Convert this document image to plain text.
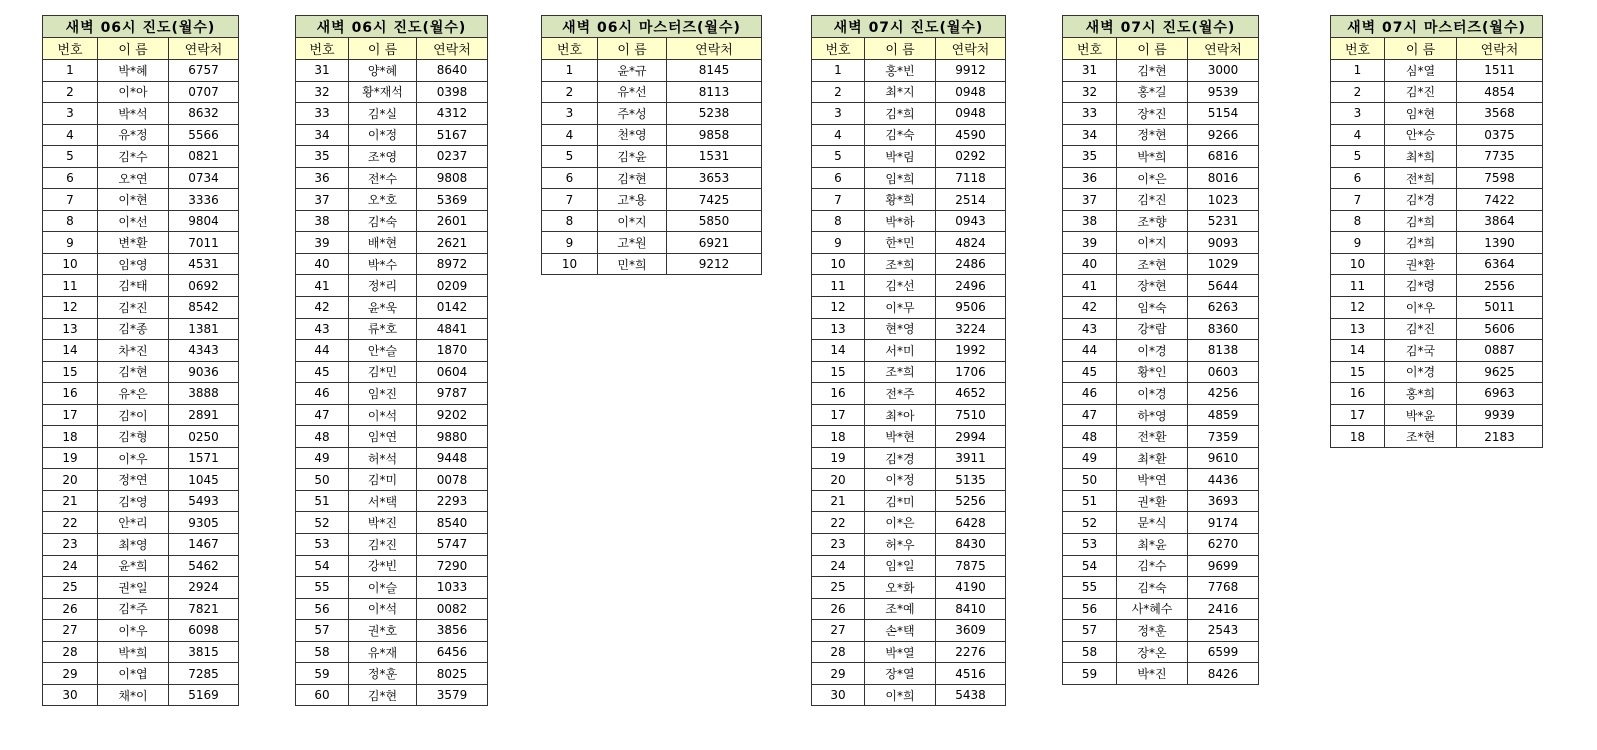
새벽 06시 진도(월수)		
번호	이 름	연락처
1	박*혜	6757
2	이*아	0707
3	박*석	8632
4	유*정	5566
5	김*수	0821
6	오*연	0734
7	이*현	3336
8	이*선	9804
9	변*환	7011
10	임*영	4531
11	김*태	0692
12	김*진	8542
13	김*종	1381
14	차*진	4343
15	김*현	9036
16	유*은	3888
17	김*이	2891
18	김*형	0250
19	이*우	1571
20	정*연	1045
21	김*영	5493
22	안*리	9305
23	최*영	1467
24	윤*희	5462
25	권*일	2924
26	김*주	7821
27	이*우	6098
28	박*희	3815
29	이*엽	7285
30	채*이	5169
새벽 06시 진도(월수)		
번호	이 름	연락처
31	양*혜	8640
32	황*재석	0398
33	김*실	4312
34	이*정	5167
35	조*영	0237
36	전*수	9808
37	오*호	5369
38	김*숙	2601
39	배*현	2621
40	박*수	8972
41	정*리	0209
42	윤*욱	0142
43	류*호	4841
44	안*슬	1870
45	김*민	0604
46	임*진	9787
47	이*석	9202
48	임*연	9880
49	허*석	9448
50	김*미	0078
51	서*택	2293
52	박*진	8540
53	김*진	5747
54	강*빈	7290
55	이*슬	1033
56	이*석	0082
57	권*호	3856
58	유*재	6456
59	정*훈	8025
60	김*현	3579
새벽 06시 마스터즈(월수)		
번호	이 름	연락처
1	윤*규	8145
2	유*선	8113
3	주*성	5238
4	천*영	9858
5	김*윤	1531
6	김*현	3653
7	고*용	7425
8	이*지	5850
9	고*원	6921
10	민*희	9212
새벽 07시 진도(월수)		
번호	이 름	연락처
1	홍*빈	9912
2	최*지	0948
3	김*희	0948
4	김*숙	4590
5	박*림	0292
6	임*희	7118
7	황*희	2514
8	박*하	0943
9	한*민	4824
10	조*희	2486
11	김*선	2496
12	이*무	9506
13	현*영	3224
14	서*미	1992
15	조*희	1706
16	전*주	4652
17	최*아	7510
18	박*현	2994
19	김*경	3911
20	이*정	5135
21	김*미	5256
22	이*은	6428
23	허*우	8430
24	임*일	7875
25	오*화	4190
26	조*예	8410
27	손*택	3609
28	박*열	2276
29	장*열	4516
30	이*희	5438
새벽 07시 진도(월수)		
번호	이 름	연락처
31	김*현	3000
32	홍*길	9539
33	장*진	5154
34	정*현	9266
35	박*희	6816
36	이*은	8016
37	김*진	1023
38	조*향	5231
39	이*지	9093
40	조*현	1029
41	장*현	5644
42	임*숙	6263
43	강*람	8360
44	이*경	8138
45	황*인	0603
46	이*경	4256
47	하*영	4859
48	전*환	7359
49	최*환	9610
50	박*연	4436
51	권*환	3693
52	문*식	9174
53	최*윤	6270
54	김*수	9699
55	김*숙	7768
56	사*혜수	2416
57	정*훈	2543
58	장*온	6599
59	박*진	8426
새벽 07시 마스터즈(월수)		
번호	이 름	연락처
1	심*열	1511
2	김*진	4854
3	임*현	3568
4	안*승	0375
5	최*희	7735
6	전*희	7598
7	김*경	7422
8	김*희	3864
9	김*희	1390
10	권*환	6364
11	김*령	2556
12	이*우	5011
13	김*진	5606
14	김*국	0887
15	이*경	9625
16	홍*희	6963
17	박*윤	9939
18	조*현	2183
